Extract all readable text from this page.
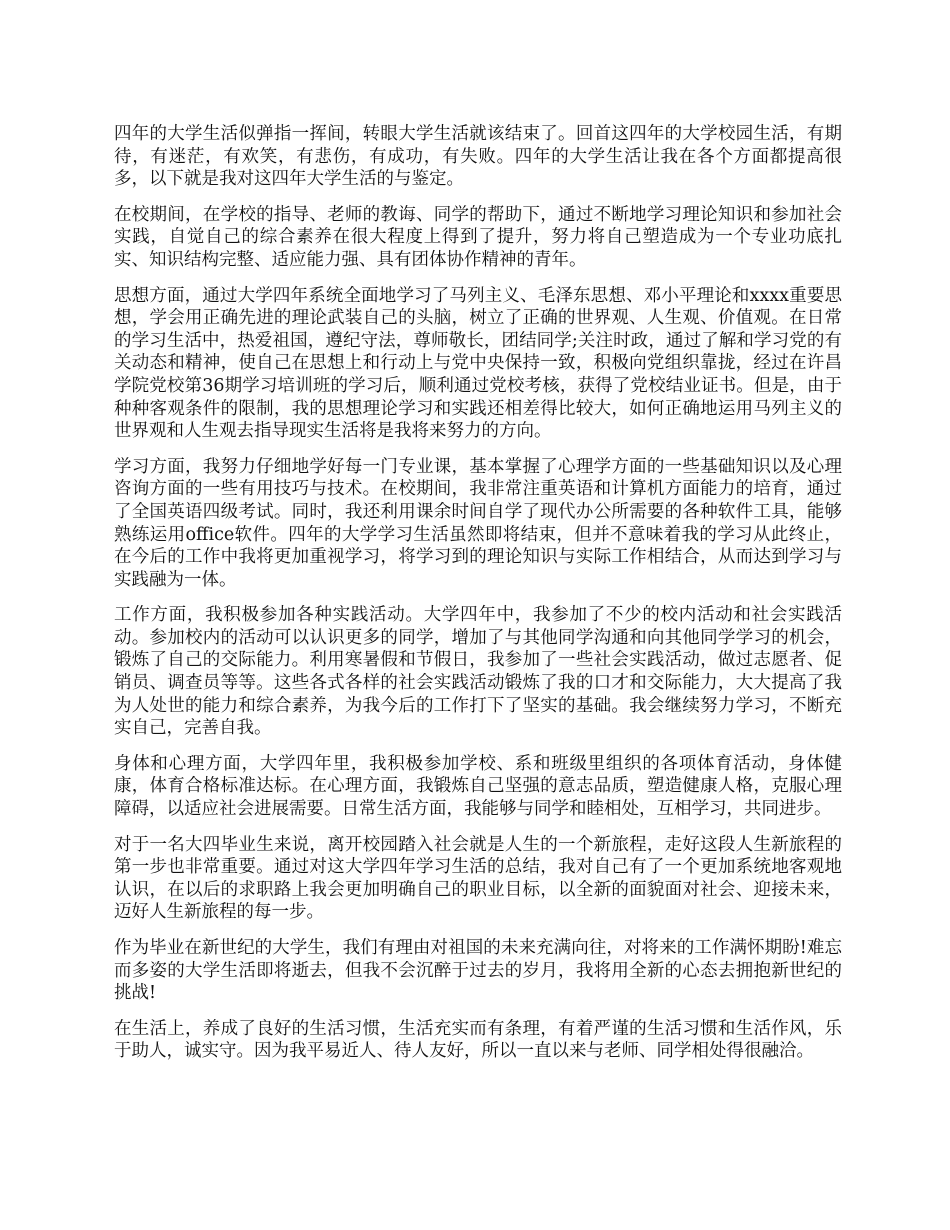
四年的大学生活似弹指一挥间，转眼大学生活就该结束了。回首这四年的大学校园生活，有期待，有迷茫，有欢笑，有悲伤，有成功，有失败。四年的大学生活让我在各个方面都提高很多，以下就是我对这四年大学生活的与鉴定。

在校期间，在学校的指导、老师的教诲、同学的帮助下，通过不断地学习理论知识和参加社会实践，自觉自己的综合素养在很大程度上得到了提升，努力将自己塑造成为一个专业功底扎实、知识结构完整、适应能力强、具有团体协作精神的青年。

思想方面，通过大学四年系统全面地学习了马列主义、毛泽东思想、邓小平理论和xxxx重要思想，学会用正确先进的理论武装自己的头脑，树立了正确的世界观、人生观、价值观。在日常的学习生活中，热爱祖国，遵纪守法，尊师敬长，团结同学;关注时政，通过了解和学习党的有关动态和精神，使自己在思想上和行动上与党中央保持一致，积极向党组织靠拢，经过在许昌学院党校第36期学习培训班的学习后，顺利通过党校考核，获得了党校结业证书。但是，由于种种客观条件的限制，我的思想理论学习和实践还相差得比较大，如何正确地运用马列主义的世界观和人生观去指导现实生活将是我将来努力的方向。

学习方面，我努力仔细地学好每一门专业课，基本掌握了心理学方面的一些基础知识以及心理咨询方面的一些有用技巧与技术。在校期间，我非常注重英语和计算机方面能力的培育，通过了全国英语四级考试。同时，我还利用课余时间自学了现代办公所需要的各种软件工具，能够熟练运用office软件。四年的大学学习生活虽然即将结束，但并不意味着我的学习从此终止，在今后的工作中我将更加重视学习，将学习到的理论知识与实际工作相结合，从而达到学习与实践融为一体。

工作方面，我积极参加各种实践活动。大学四年中，我参加了不少的校内活动和社会实践活动。参加校内的活动可以认识更多的同学，增加了与其他同学沟通和向其他同学学习的机会，锻炼了自己的交际能力。利用寒暑假和节假日，我参加了一些社会实践活动，做过志愿者、促销员、调查员等等。这些各式各样的社会实践活动锻炼了我的口才和交际能力，大大提高了我为人处世的能力和综合素养，为我今后的工作打下了坚实的基础。我会继续努力学习，不断充实自己，完善自我。

身体和心理方面，大学四年里，我积极参加学校、系和班级里组织的各项体育活动，身体健康，体育合格标准达标。在心理方面，我锻炼自己坚强的意志品质，塑造健康人格，克服心理障碍，以适应社会进展需要。日常生活方面，我能够与同学和睦相处，互相学习，共同进步。

对于一名大四毕业生来说，离开校园踏入社会就是人生的一个新旅程，走好这段人生新旅程的第一步也非常重要。通过对这大学四年学习生活的总结，我对自己有了一个更加系统地客观地认识，在以后的求职路上我会更加明确自己的职业目标，以全新的面貌面对社会、迎接未来，迈好人生新旅程的每一步。

作为毕业在新世纪的大学生，我们有理由对祖国的未来充满向往，对将来的工作满怀期盼!难忘而多姿的大学生活即将逝去，但我不会沉醉于过去的岁月，我将用全新的心态去拥抱新世纪的挑战!

在生活上，养成了良好的生活习惯，生活充实而有条理，有着严谨的生活习惯和生活作风，乐于助人，诚实守。因为我平易近人、待人友好，所以一直以来与老师、同学相处得很融洽。
